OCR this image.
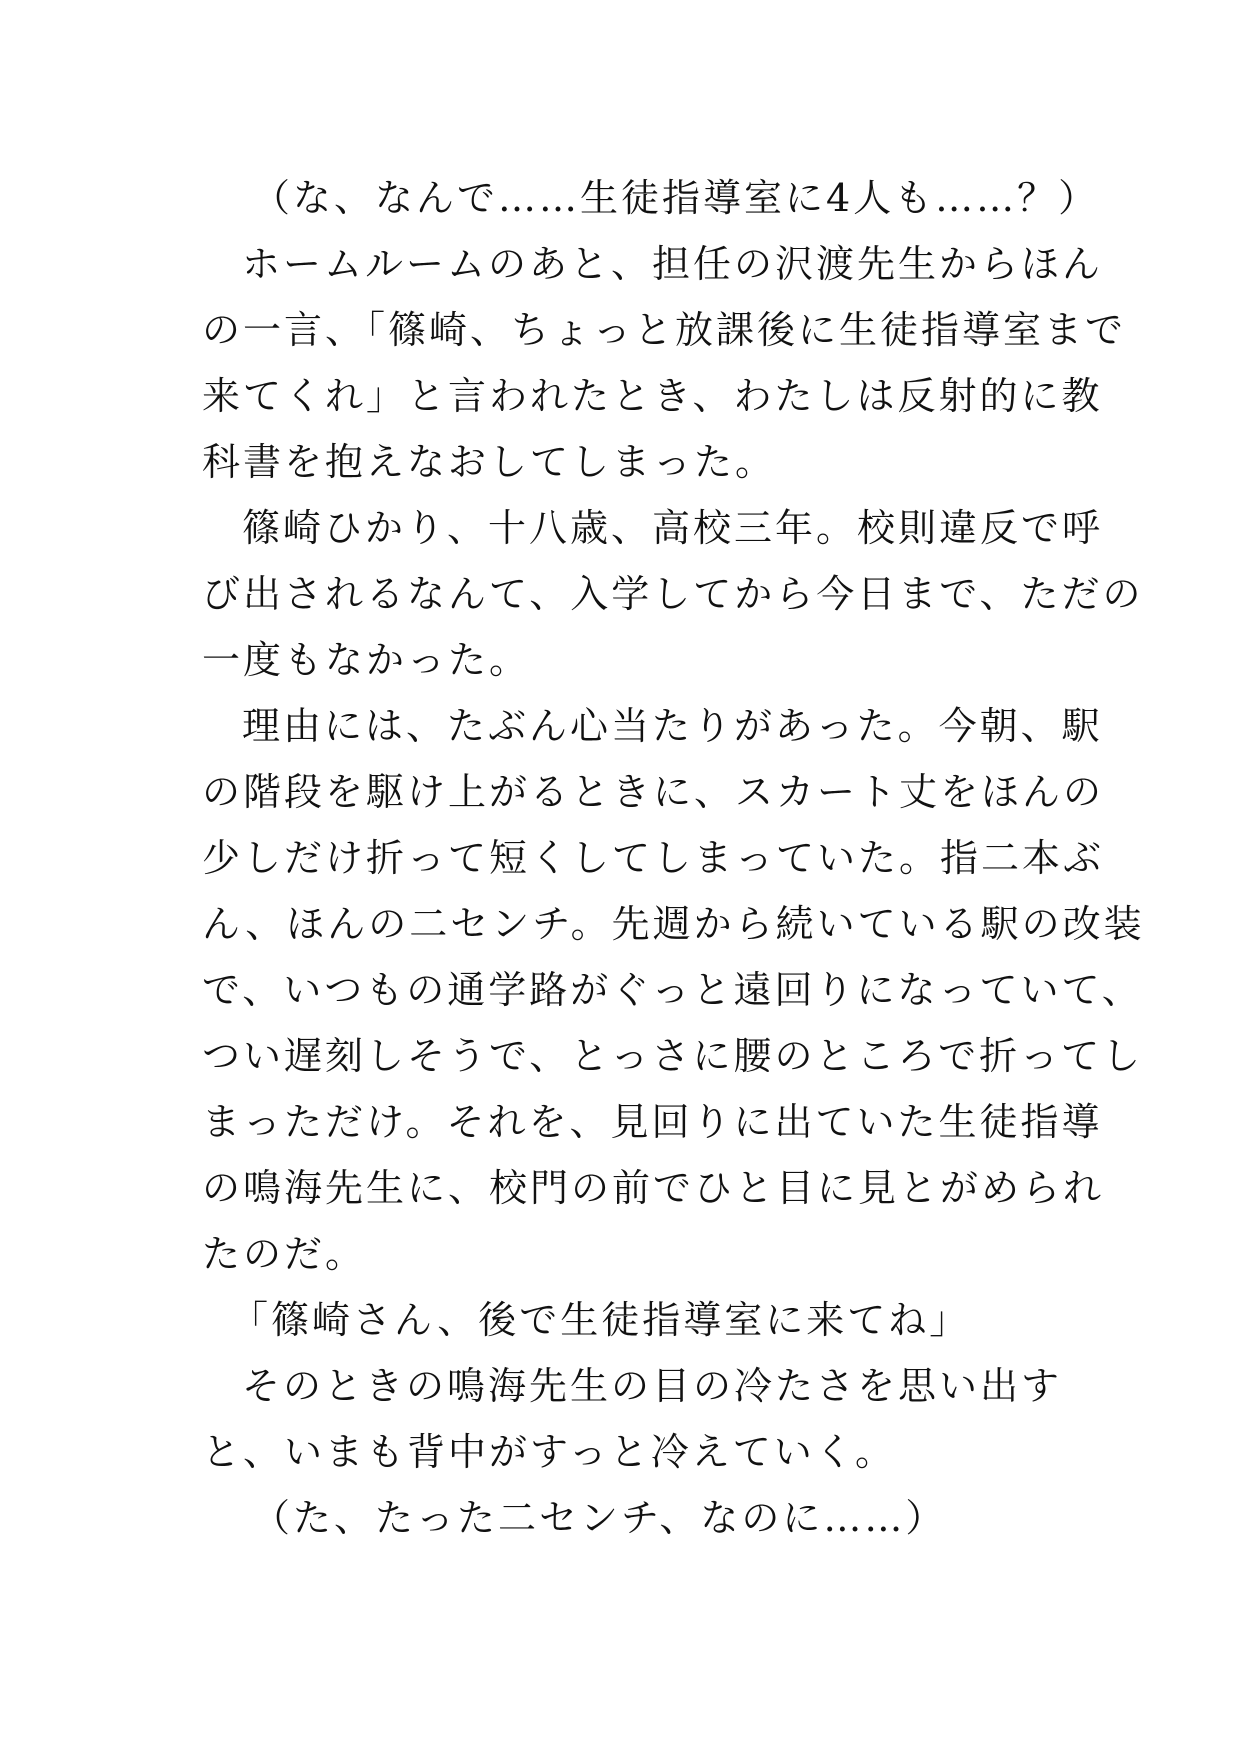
（な、なんで……生徒指導室に4人も……？）
ホームルームのあと、担任の沢渡先生からほん
の一言、「篠崎、ちょっと放課後に生徒指導室まで
来てくれ」と言われたとき、わたしは反射的に教
科書を抱えなおしてしまった。
篠崎ひかり、十八歳、高校三年。校則違反で呼
び出されるなんて、入学してから今日まで、ただの
一度もなかった。
理由には、たぶん心当たりがあった。今朝、駅
の階段を駆け上がるときに、スカート丈をほんの
少しだけ折って短くしてしまっていた。指二本ぶ
ん、ほんの二センチ。先週から続いている駅の改装
で、いつもの通学路がぐっと遠回りになっていて、
つい遅刻しそうで、とっさに腰のところで折ってし
まっただけ。それを、見回りに出ていた生徒指導
の鳴海先生に、校門の前でひと目に見とがめられ
たのだ。
「篠崎さん、後で生徒指導室に来てね」
そのときの鳴海先生の目の冷たさを思い出す
と、いまも背中がすっと冷えていく。
（た、たった二センチ、なのに……）
